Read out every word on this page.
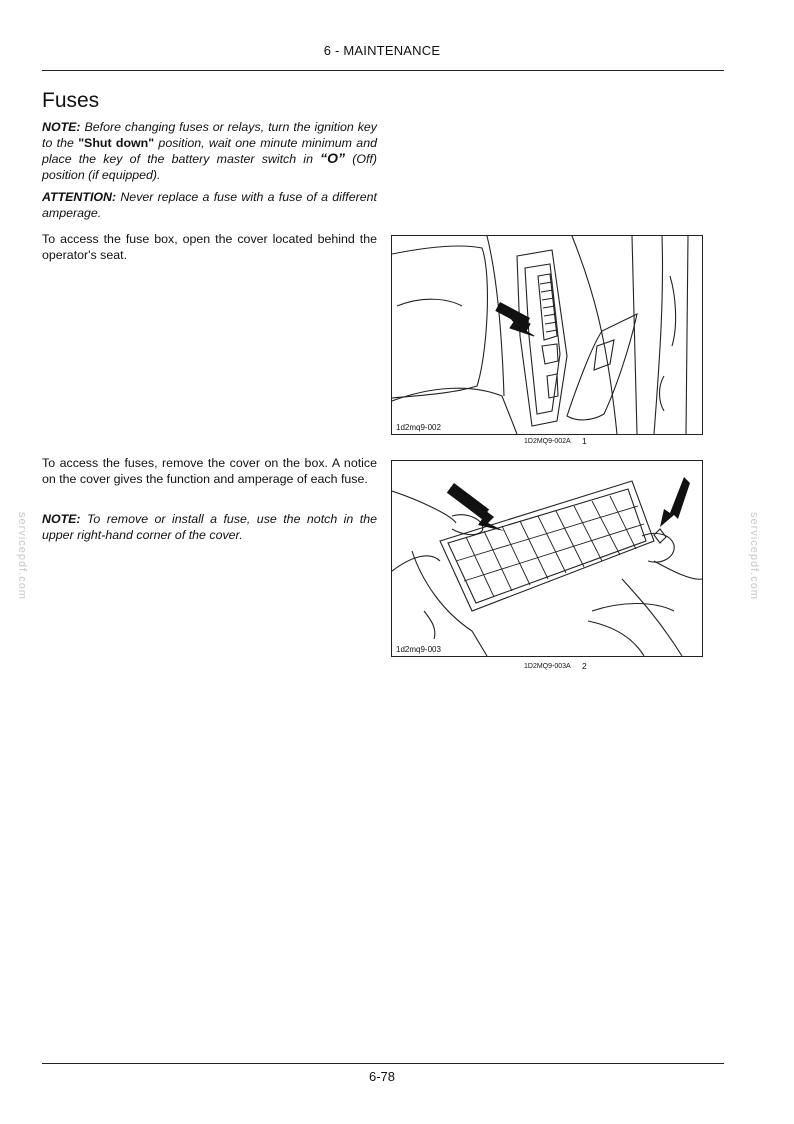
6 - MAINTENANCE
Fuses

NOTE: Before changing fuses or relays, turn the ignition key to the "Shut down" position, wait one minute minimum and place the key of the battery master switch in “O” (Off) position (if equipped).

ATTENTION: Never replace a fuse with a fuse of a different amperage.

To access the fuse box, open the cover located behind the operator's seat.

1d2mq9-002
1D2MQ9-002A 1

To access the fuses, remove the cover on the box. A notice on the cover gives the function and amperage of each fuse.

NOTE: To remove or install a fuse, use the notch in the upper right-hand corner of the cover.

1d2mq9-003
1D2MQ9-003A 2
servicepdf.com	servicepdf.com
6-78
